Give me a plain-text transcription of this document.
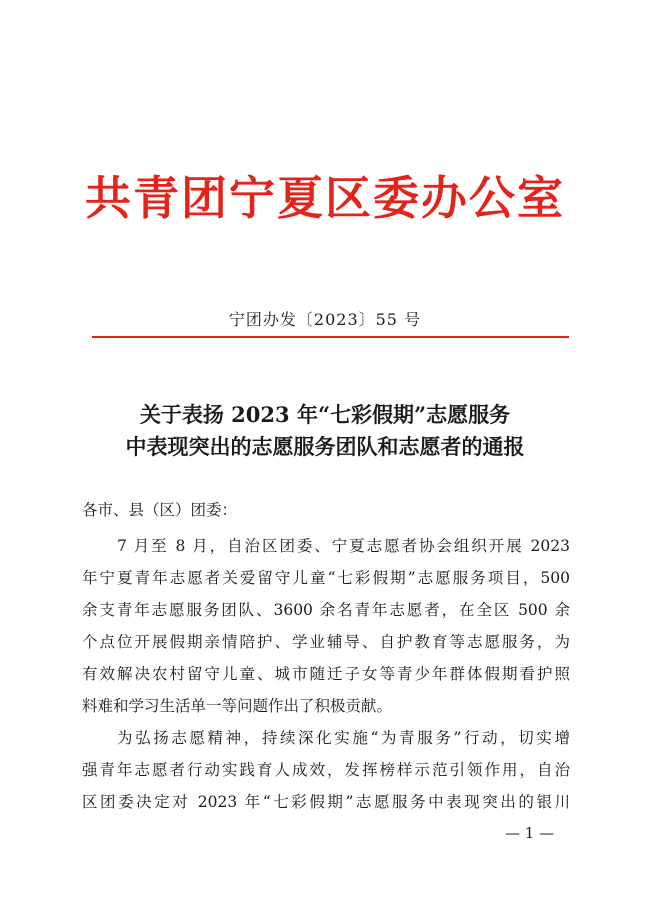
共青团宁夏区委办公室
宁团办发〔2023〕55 号
关于表扬 2023 年“七彩假期”志愿服务
中表现突出的志愿服务团队和志愿者的通报
各市、县（区）团委：
7 月至 8 月，自治区团委、宁夏志愿者协会组织开展 2023
年宁夏青年志愿者关爱留守儿童“七彩假期”志愿服务项目，500
余支青年志愿服务团队、3600 余名青年志愿者，在全区 500 余
个点位开展假期亲情陪护、学业辅导、自护教育等志愿服务，为
有效解决农村留守儿童、城市随迁子女等青少年群体假期看护照
料难和学习生活单一等问题作出了积极贡献。
为弘扬志愿精神，持续深化实施“为青服务”行动，切实增
强青年志愿者行动实践育人成效，发挥榜样示范引领作用，自治
区团委决定对 2023 年“七彩假期”志愿服务中表现突出的银川
— 1 —
